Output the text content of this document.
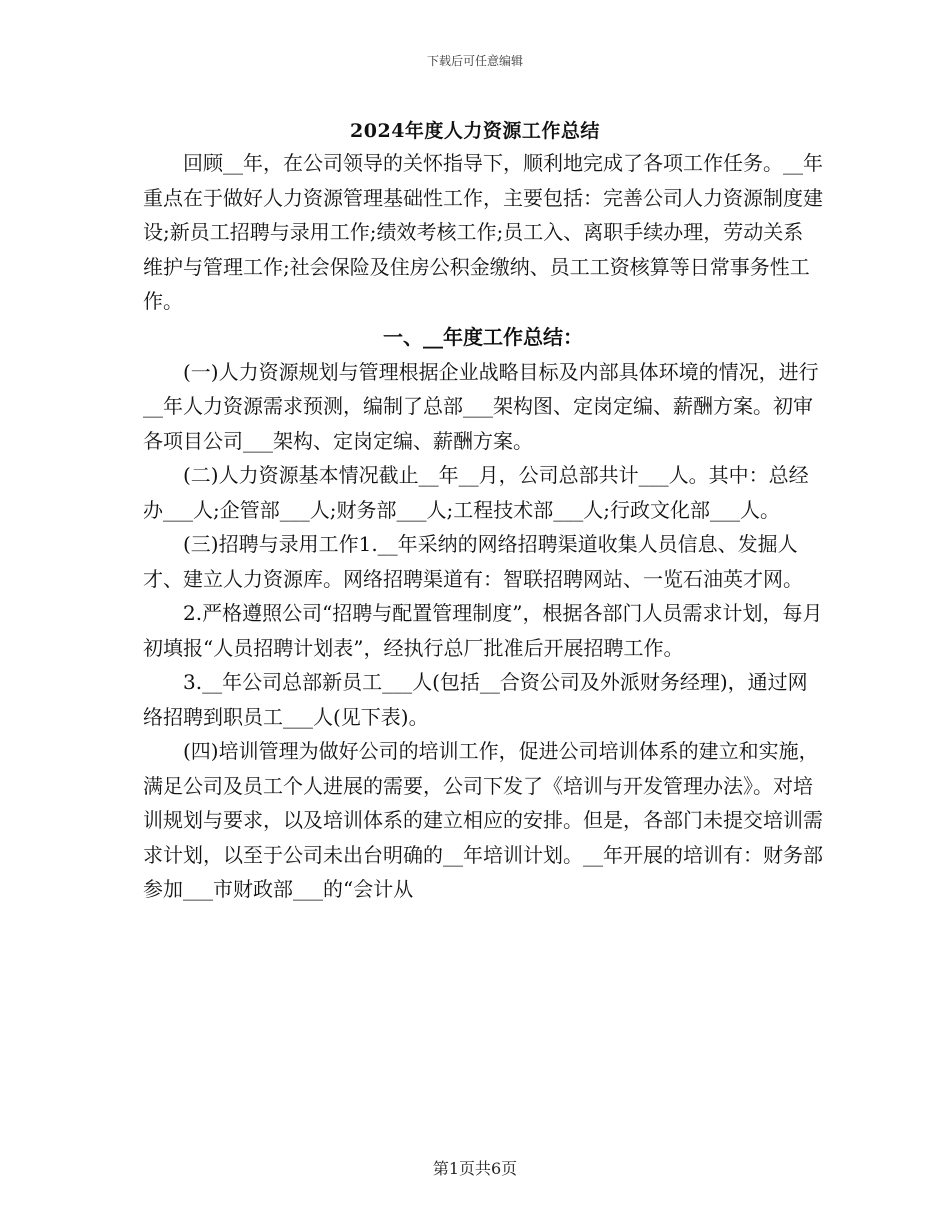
下载后可任意编辑
2024年度人力资源工作总结

回顾__年，在公司领导的关怀指导下，顺利地完成了各项工作任务。__年重点在于做好人力资源管理基础性工作，主要包括：完善公司人力资源制度建设;新员工招聘与录用工作;绩效考核工作;员工入、离职手续办理，劳动关系维护与管理工作;社会保险及住房公积金缴纳、员工工资核算等日常事务性工作。

一、__年度工作总结：

(一)人力资源规划与管理根据企业战略目标及内部具体环境的情况，进行__年人力资源需求预测，编制了总部___架构图、定岗定编、薪酬方案。初审各项目公司___架构、定岗定编、薪酬方案。

(二)人力资源基本情况截止__年__月，公司总部共计___人。其中：总经办___人;企管部___人;财务部___人;工程技术部___人;行政文化部___人。

(三)招聘与录用工作1.__年采纳的网络招聘渠道收集人员信息、发掘人才、建立人力资源库。网络招聘渠道有：智联招聘网站、一览石油英才网。

2.严格遵照公司“招聘与配置管理制度”，根据各部门人员需求计划，每月初填报“人员招聘计划表”，经执行总厂批准后开展招聘工作。

3.__年公司总部新员工___人(包括__合资公司及外派财务经理)，通过网络招聘到职员工___人(见下表)。

(四)培训管理为做好公司的培训工作，促进公司培训体系的建立和实施，满足公司及员工个人进展的需要，公司下发了《培训与开发管理办法》。对培训规划与要求，以及培训体系的建立相应的安排。但是，各部门未提交培训需求计划，以至于公司未出台明确的__年培训计划。__年开展的培训有：财务部参加___市财政部___的“会计从

第1页共6页
